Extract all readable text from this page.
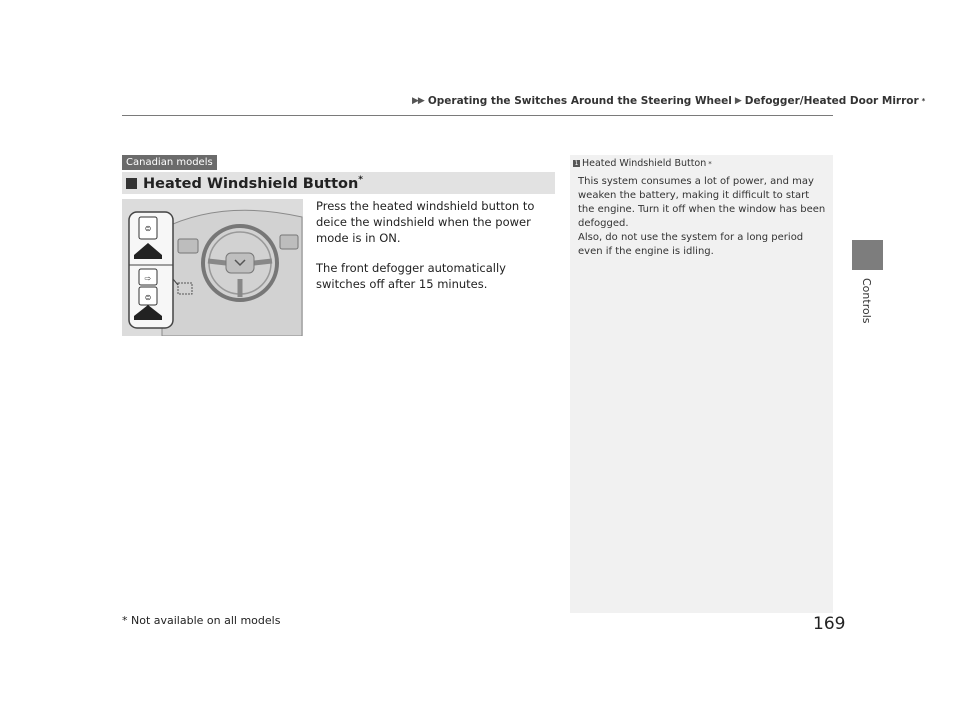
▶▶ Operating the Switches Around the Steering Wheel ▶ Defogger/Heated Door Mirror *
Controls
Canadian models
Heated Windshield Button*
⊜
⇨
⊜
Press the heated windshield button to deice the windshield when the power mode is in ON.
The front defogger automatically switches off after 15 minutes.
1 Heated Windshield Button *

This system consumes a lot of power, and may weaken the battery, making it difficult to start the engine. Turn it off when the window has been defogged.

Also, do not use the system for a long period even if the engine is idling.

* Not available on all models	169
